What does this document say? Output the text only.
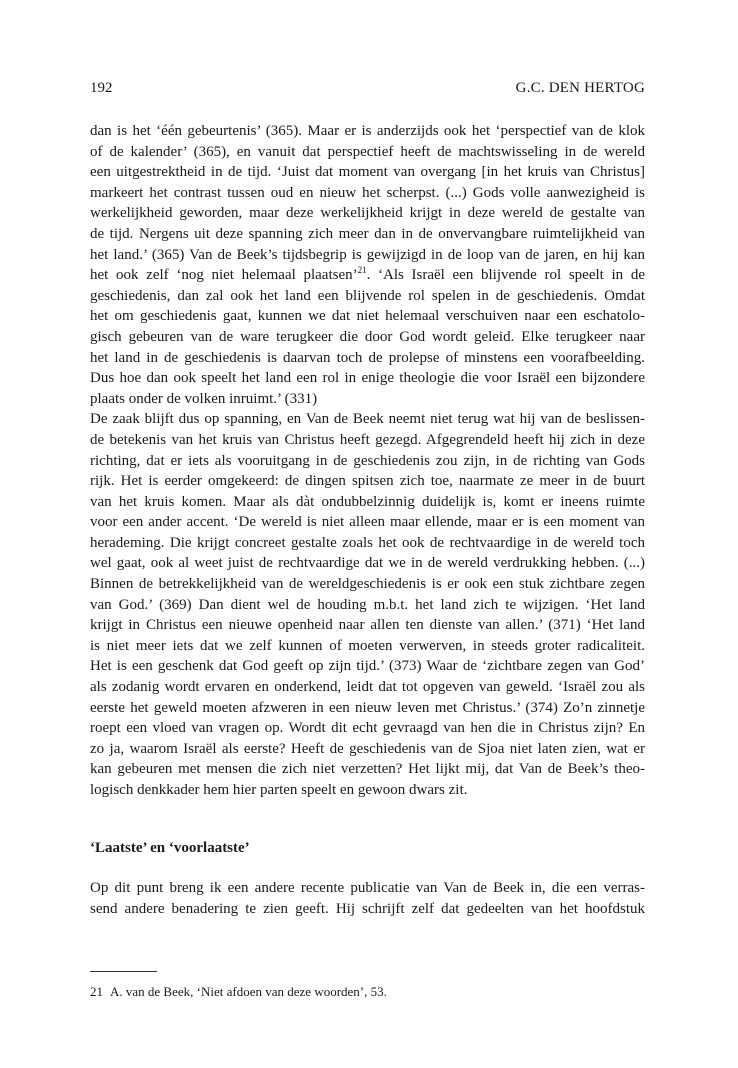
192	G.C. DEN HERTOG
dan is het ‘één gebeurtenis’ (365). Maar er is anderzijds ook het ‘perspectief van de klok
of de kalender’ (365), en vanuit dat perspectief heeft de machtswisseling in de wereld
een uitgestrektheid in de tijd. ‘Juist dat moment van overgang [in het kruis van Christus]
markeert het contrast tussen oud en nieuw het scherpst. (...) Gods volle aanwezigheid is
werkelijkheid geworden, maar deze werkelijkheid krijgt in deze wereld de gestalte van
de tijd. Nergens uit deze spanning zich meer dan in de onvervangbare ruimtelijkheid van
het land.’ (365) Van de Beek’s tijdsbegrip is gewijzigd in de loop van de jaren, en hij kan
het ook zelf ‘nog niet helemaal plaatsen’$^{21}$. ‘Als Israël een blijvende rol speelt in de
geschiedenis, dan zal ook het land een blijvende rol spelen in de geschiedenis. Omdat
het om geschiedenis gaat, kunnen we dat niet helemaal verschuiven naar een eschatolo-
gisch gebeuren van de ware terugkeer die door God wordt geleid. Elke terugkeer naar
het land in de geschiedenis is daarvan toch de prolepse of minstens een voorafbeelding.
Dus hoe dan ook speelt het land een rol in enige theologie die voor Israël een bijzondere
plaats onder de volken inruimt.’ (331)
De zaak blijft dus op spanning, en Van de Beek neemt niet terug wat hij van de beslissen-
de betekenis van het kruis van Christus heeft gezegd. Afgegrendeld heeft hij zich in deze
richting, dat er iets als vooruitgang in de geschiedenis zou zijn, in de richting van Gods
rijk. Het is eerder omgekeerd: de dingen spitsen zich toe, naarmate ze meer in de buurt
van het kruis komen. Maar als dàt ondubbelzinnig duidelijk is, komt er ineens ruimte
voor een ander accent. ‘De wereld is niet alleen maar ellende, maar er is een moment van
herademing. Die krijgt concreet gestalte zoals het ook de rechtvaardige in de wereld toch
wel gaat, ook al weet juist de rechtvaardige dat we in de wereld verdrukking hebben. (...)
Binnen de betrekkelijkheid van de wereldgeschiedenis is er ook een stuk zichtbare zegen
van God.’ (369) Dan dient wel de houding m.b.t. het land zich te wijzigen. ‘Het land
krijgt in Christus een nieuwe openheid naar allen ten dienste van allen.’ (371) ‘Het land
is niet meer iets dat we zelf kunnen of moeten verwerven, in steeds groter radicaliteit.
Het is een geschenk dat God geeft op zijn tijd.’ (373) Waar de ‘zichtbare zegen van God’
als zodanig wordt ervaren en onderkend, leidt dat tot opgeven van geweld. ‘Israël zou als
eerste het geweld moeten afzweren in een nieuw leven met Christus.’ (374) Zo’n zinnetje
roept een vloed van vragen op. Wordt dit echt gevraagd van hen die in Christus zijn? En
zo ja, waarom Israël als eerste? Heeft de geschiedenis van de Sjoa niet laten zien, wat er
kan gebeuren met mensen die zich niet verzetten? Het lijkt mij, dat Van de Beek’s theo-
logisch denkkader hem hier parten speelt en gewoon dwars zit.
‘Laatste’ en ‘voorlaatste’
Op dit punt breng ik een andere recente publicatie van Van de Beek in, die een verras-
send andere benadering te zien geeft. Hij schrijft zelf dat gedeelten van het hoofdstuk
21 A. van de Beek, ‘Niet afdoen van deze woorden’, 53.
